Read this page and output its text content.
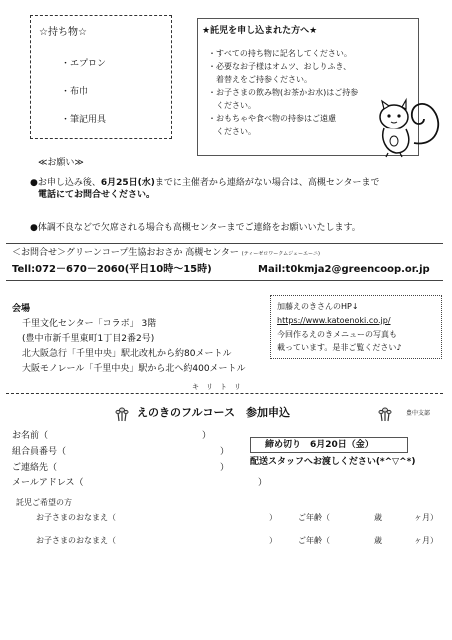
☆持ち物☆
・エプロン
・布巾
・筆記用具
★託児を申し込まれた方へ★
・すべての持ち物に記名してください。
・必要なお子様はオムツ、おしりふき、
　着替えをご持参ください。
・お子さまの飲み物(お茶かお水)はご持参
　ください。
・おもちゃや食べ物の持参はご遠慮
　ください。
≪お願い≫
●お申し込み後、6月25日(水)までに主催者から連絡がない場合は、高槻センターまで
電話にてお問合せください。
●体調不良などで欠席される場合も高槻センターまでご連絡をお願いいたします。
＜お問合せ＞グリーンコープ生協おおさか 高槻センター (ティーゼロワークムジェーエーニ)
Tell:072－670－2060(平日10時～15時)	Mail:t0kmja2@greencoop.or.jp
会場
千里文化センター「コラボ」 3階
(豊中市新千里東町1丁目2番2号)
北大阪急行「千里中央」駅北改札から約80メートル
大阪モノレール「千里中央」駅から北へ約400メートル
加藤えのきさんのHP↓
https://www.katoenoki.co.jp/
今回作るえのきメニューの写真も
載っています。是非ご覧ください♪
キ　リ　ト　リ
えのきのフルコース　参加申込	豊中支部
お名前（	）
組合員番号（	）
ご連絡先（	）
メールアドレス（	）
締め切り　6月20日（金）
配送スタッフへお渡しください(*^▽^*)
託児ご希望の方
お子さまのおなまえ（	）	ご年齢（	歳	ヶ月）
お子さまのおなまえ（	）	ご年齢（	歳	ヶ月）
